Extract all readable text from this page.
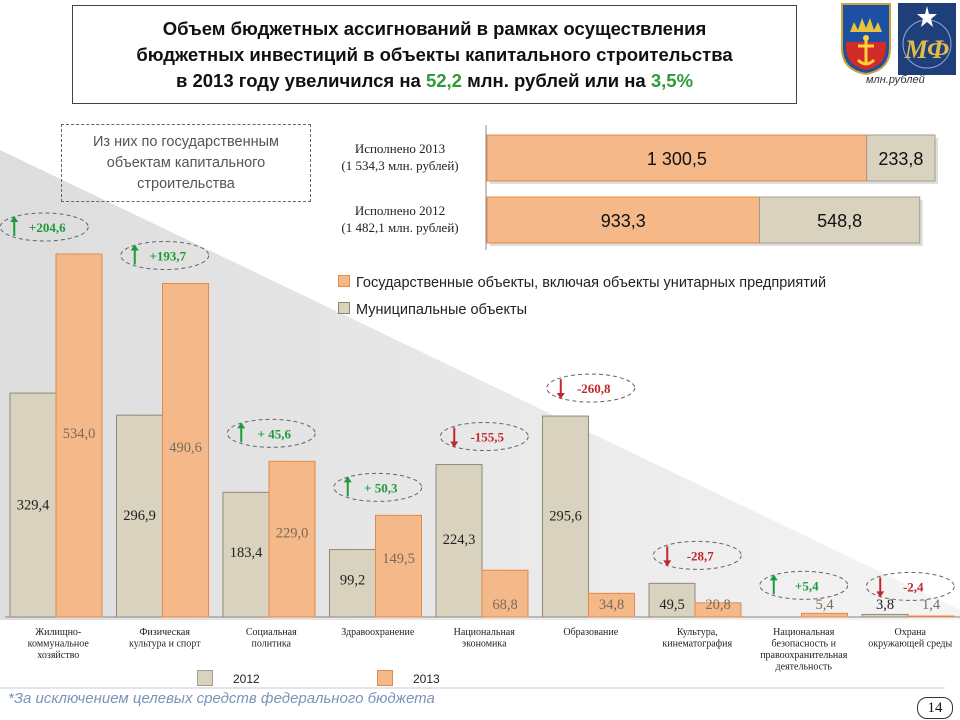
Объем бюджетных ассигнований в рамках осуществления
бюджетных инвестиций в объекты капитального строительства
в 2013 году увеличился на 52,2 млн. рублей или на 3,5%
МФ
млн.рублей
Из них по государственным объектам капитального строительства
Исполнено 2013
(1 534,3 млн. рублей)
Исполнено 2012
(1 482,1 млн. рублей)
1 300,5	233,8
933,3	548,8
Государственные объекты, включая объекты унитарных предприятий
Муниципальные объекты
329,4
534,0
Жилищно-
коммунальное
хозяйство
+204,6
296,9
490,6
Физическая
культура и спорт
+193,7
183,4
229,0
Социальная
политика
+ 45,6
99,2
149,5
Здравоохранение
+ 50,3
224,3
68,8
Национальная
экономика
-155,5
295,6
34,8
Образование
-260,8
49,5 20,8
Культура,
кинематография
-28,7
5,4
Национальная
безопасность и
правоохранительная
деятельность
+5,4
3,8 1,4
Охрана
окружающей среды
-2,4
2012	2013
*За исключением целевых средств федерального бюджета
14
